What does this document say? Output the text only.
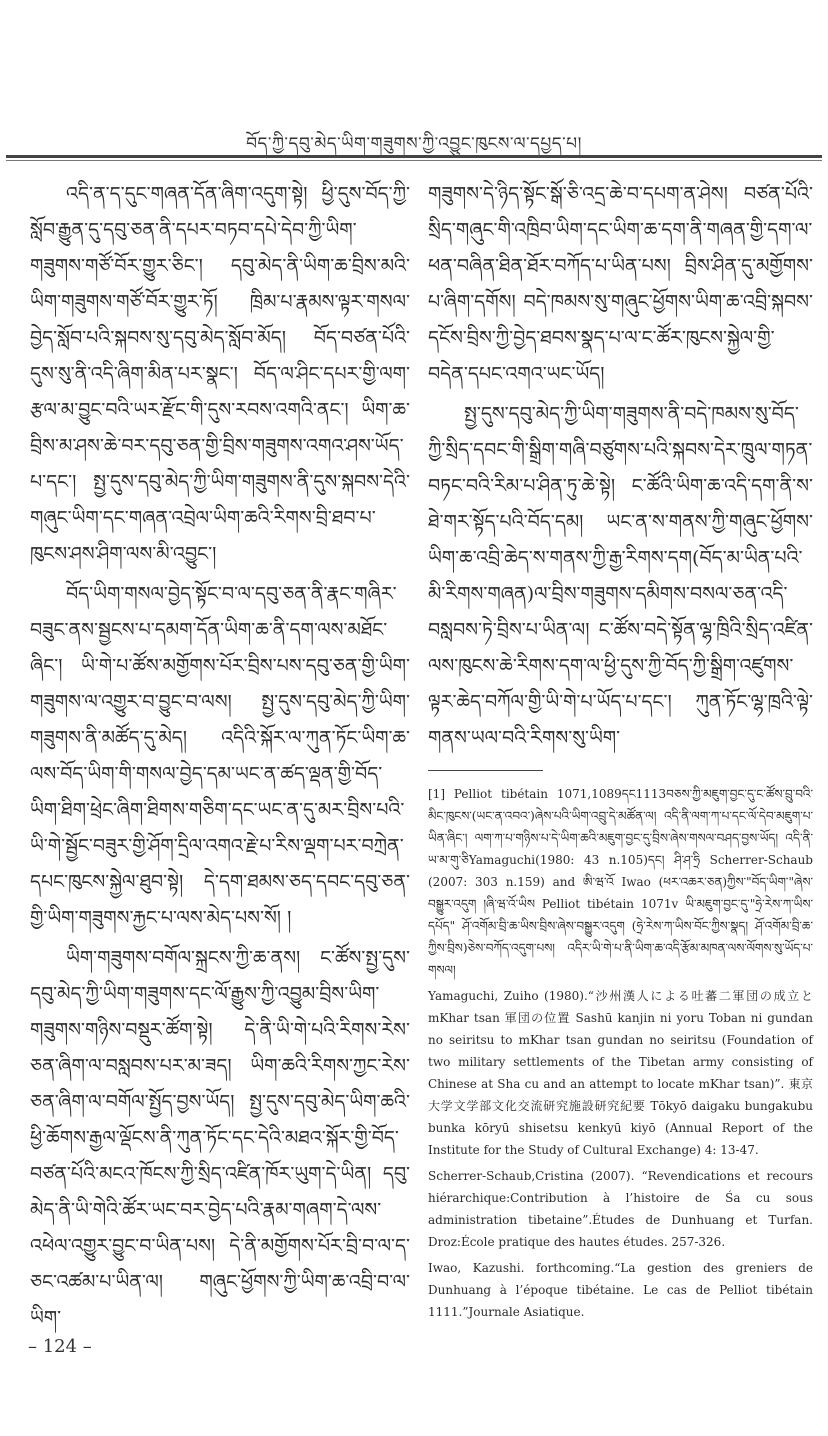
བོད་ཀྱི་དབུ་མེད་ཡིག་གཟུགས་ཀྱི་འབྱུང་ཁུངས་ལ་དཔྱད་པ།

འདི་ན་ད་དུང་གཞན་དོན་ཞིག་འདུག་སྟེ། ཕྱི་དུས་བོད་ཀྱི་སློབ་རྒྱུན་དུ་དབུ་ཅན་ནི་དཔར་བཏབ་དཔེ་དེབ་ཀྱི་ཡིག་གཟུགས་གཙོ་བོར་གྱུར་ཅིང་། དབུ་མེད་ནི་ཡིག་ཆ་བྲིས་མའི་ཡིག་གཟུགས་གཙོ་བོར་གྱུར་ཏོ། ཁྲིམ་པ་རྣམས་ལྟར་གསལ་བྱེད་སློབ་པའི་སྐབས་སུ་དབུ་མེད་སློབ་མོད། བོད་བཙན་པོའི་དུས་སུ་ནི་འདི་ཞིག་མིན་པར་སྣང་། བོད་ལ་ཤིང་དཔར་གྱི་ལག་རྩལ་མ་བྱུང་བའི་ཡར་རྫོང་གི་དུས་རབས་འགའི་ནང་། ཡིག་ཆ་བྲིས་མ་ཤས་ཆེ་བར་དབུ་ཅན་གྱི་བྲིས་གཟུགས་འགའ་ཤས་ཡོད་པ་དང་། སྤྱ་དུས་དབུ་མེད་ཀྱི་ཡིག་གཟུགས་ནི་དུས་སྐབས་དེའི་གཞུང་ཡིག་དང་གཞན་འབྲེལ་ཡིག་ཆའི་རིགས་བྲི་ཐབ་པ་ཁུངས་ཤས་ཤིག་ལས་མི་འབྱུང་།

བོད་ཡིག་གསལ་བྱེད་སྟོང་བ་ལ་དབུ་ཅན་ནི་རྣང་གཞིར་བཟུང་ནས་སྦྱངས་པ་དམག་དོན་ཡིག་ཆ་ནི་དག་ལས་མཐོང་ཞིང་། ཡི་གེ་པ་ཚོས་མགྱོགས་པོར་བྲིས་པས་དབུ་ཅན་གྱི་ཡིག་གཟུགས་ལ་འགྱུར་བ་བྱུང་བ་ལས། སྤྱ་དུས་དབུ་མེད་ཀྱི་ཡིག་གཟུགས་ནི་མཚོད་དུ་མེད། འདིའི་སྐོར་ལ་ཀུན་ཏོང་ཡིག་ཆ་ལས་བོད་ཡིག་གི་གསལ་བྱེད་དམ་ཡང་ན་ཚད་ལྡན་གྱི་བོད་ཡིག་ཐིག་ཕྲེང་ཞིག་ཐིགས་གཅིག་དང་ཡང་ན་དུ་མར་བྲིས་པའི་ཡི་གེ་སྦྱོང་བཟུར་གྱི་ཤོག་དྲིལ་འགའ་རྗེ་པ་རིས་ལྡག་པར་བཀྲེན་དཔང་ཁུངས་སྐྱེལ་ཐུབ་སྟེ། དེ་དག་ཐམས་ཅད་དབང་དབུ་ཅན་གྱི་ཡིག་གཟུགས་རྐྱང་པ་ལས་མེད་པས་སོ། །

ཡིག་གཟུགས་བགོལ་སྐྲངས་ཀྱི་ཆ་ནས། ང་ཚོས་སྤྱ་དུས་དབུ་མེད་ཀྱི་ཡིག་གཟུགས་དང་ལོ་རྒྱུས་ཀྱི་འབྱུམ་བྲིས་ཡིག་གཟུགས་གཉིས་བསྡུར་ཚོག་སྟེ། དེ་ནི་ཡི་གེ་པའི་རིགས་རེས་ཅན་ཞིག་ལ་བསླབས་པར་མ་ཟད། ཡིག་ཆའི་རིགས་ཀྱང་རེས་ཅན་ཞིག་ལ་བགོལ་སྤྱོད་བྱས་ཡོད། སྤྱ་དུས་དབུ་མེད་ཡིག་ཆའི་ཕྱི་ཆོགས་རྒྱལ་ལྡོངས་ནི་ཀུན་ཏོང་དང་དེའི་མཐའ་སྐོར་གྱི་བོད་བཙན་པོའི་མངའ་ཁོངས་ཀྱི་སྲིད་འཛིན་ཁོར་ཡུག་དེ་ཡིན། དབུ་མེད་ནི་ཡི་གེའི་ཚོར་ཡང་བར་བྱེད་པའི་རྣམ་གཞག་དེ་ལས་འཕེལ་འགྱུར་བྱུང་བ་ཡིན་པས། དེ་ནི་མགྱོགས་པོར་བྲི་བ་ལ་ད་ཅང་འཚམ་པ་ཡིན་ལ། གཞུང་ཕྱོགས་ཀྱི་ཡིག་ཆ་འབྲི་བ་ལ་ཡིག་

གཟུགས་དེ་ཉིད་སྟོང་སྒོ་ཅི་འདྲ་ཆེ་བ་དཔག་ན་ཤེས། བཙན་པོའི་སྲིད་གཞུང་གི་འཁྲིབ་ཡིག་དང་ཡིག་ཆ་དག་ནི་གཞན་གྱི་དག་ལ་ཕན་བཞིན་ཐིན་ཐོར་བཀོད་པ་ཡིན་པས། བྲིས་ཤིན་དུ་མགྱོགས་པ་ཞིག་དགོས། བདེ་ཁམས་སུ་གཞུང་ཕྱོགས་ཡིག་ཆ་འབྲི་སྐབས་དངོས་བྲིས་ཀྱི་བྱེད་ཐབས་སྣད་པ་ལ་ང་ཚོར་ཁུངས་སྐྱེལ་གྱི་བདེན་དཔང་འགའ་ཡང་ཡོད།

སྤྱ་དུས་དབུ་མེད་ཀྱི་ཡིག་གཟུགས་ནི་བདེ་ཁམས་སུ་བོད་ཀྱི་སྲིད་དབང་གི་སྒྲིག་གཞི་བཙུགས་པའི་སྐབས་དེར་ཁྲུལ་གཏན་བཏང་བའི་རིམ་པ་ཤིན་ཏུ་ཆེ་སྟེ། ང་ཚོའི་ཡིག་ཆ་འདི་དག་ནི་ས་ཐེ་གར་སྟོད་པའི་བོད་དམ། ཡང་ན་ས་གནས་ཀྱི་གཞུང་ཕྱོགས་ཡིག་ཆ་འབྲི་ཆེད་ས་གནས་ཀྱི་རྒྱ་རིགས་དག(བོད་མ་ཡིན་པའི་མི་རིགས་གཞན)ལ་བྲིས་གཟུགས་དམིགས་བསལ་ཅན་འདི་བསླབས་ཏེ་བྲིས་པ་ཡིན་ལ། ང་ཚོས་བདེ་སྟོན་ལྷ་ཁྲིའི་སྲིད་འཛིན་ལས་ཁུངས་ཆེ་རིགས་དག་ལ་ཕྱི་དུས་ཀྱི་བོད་ཀྱི་སྒྲིག་འཛུགས་ལྟར་ཆེད་བཀོལ་གྱི་ཡི་གེ་པ་ཡོད་པ་དང་། ཀུན་ཏོང་ལྷ་ཁྲའི་ལྟེ་གནས་ཡལ་བའི་རིགས་སུ་ཡིག་

[1] Pelliot tibétain 1071,1089དང1113བཅས་ཀྱི་མཇུག་བྱང་དུ་ང་ཚོས་བྲུ་བའི་མིང་ཁུངས་(ཡང་ན་འབའ་)ཞེས་པའི་ཡིག་འབྲུ་དེ་མཚོན་ལ། འདི་ནི་ལག་ཀ་པ་དང་ལོ་དེབ་མཇུག་པ་ཡིན་ཞིང་། ལག་ཀ་པ་གཉིས་པ་དེ་ཡིག་ཆའི་མཇུག་བྱང་དུ་བྲིས་ཞེས་གསལ་བཤད་བྱས་ཡོད། འདི་ནི་ཡ་མ་གུ་ཅིYamaguchi(1980: 43 n.105)དང། ཤི་ཤ་ཧྲི Scherrer-Schaub (2007: 303 n.159) and ཨི་ཝ་འོ Iwao (ཕར་འཆར་ཅན)ཀྱིས་"བོད་ཡིག་"ཞེས་བསྒྱུར་འདུག །ཞི་ཝ་འོ་ཡིས Pelliot tibétain 1071v ཡི་མཇུག་བྱང་དུ་"ཧྲེ་རེས་ཀ་ཡིས་དཔོད" ཤོ་འགོམ་བྲི་ཆ་ཡིས་བྲིས་ཞེས་བསྒྱུར་འདུག (ཧྲེ་རེས་ཀ་ཡིས་བོང་ཀྱིས་སྣད། ཤོ་འགོམ་བྲི་ཆ་ཀྱིས་བྲིས)ཅེས་བཀོད་འདུག་པས། འདིར་ཡི་གེ་པ་ནི་ཡིག་ཆ་འདི་རྩོམ་མཁན་ལས་ལོགས་སུ་ཡོད་པ་གསལ།

Yamaguchi, Zuiho (1980).“沙州漢人による吐蕃二軍団の成立と mKhar tsan 軍団の位置 Sashū kanjin ni yoru Toban ni gundan no seiritsu to mKhar tsan gundan no seiritsu (Foundation of two military settlements of the Tibetan army consisting of Chinese at Sha cu and an attempt to locate mKhar tsan)”. 東京大学文学部文化交流研究施設研究紀要 Tōkyō daigaku bungakubu bunka kōryū shisetsu kenkyū kiyō (Annual Report of the Institute for the Study of Cultural Exchange) 4: 13-47.

Scherrer-Schaub,Cristina (2007). “Revendications et recours hiérarchique:Contribution à l’histoire de Śa cu sous administration tibetaine”.Études de Dunhuang et Turfan. Droz:École pratique des hautes études. 257-326.

Iwao, Kazushi. forthcoming.“La gestion des greniers de Dunhuang à l’époque tibétaine. Le cas de Pelliot tibétain 1111.”Journale Asiatique.

– 124 –
